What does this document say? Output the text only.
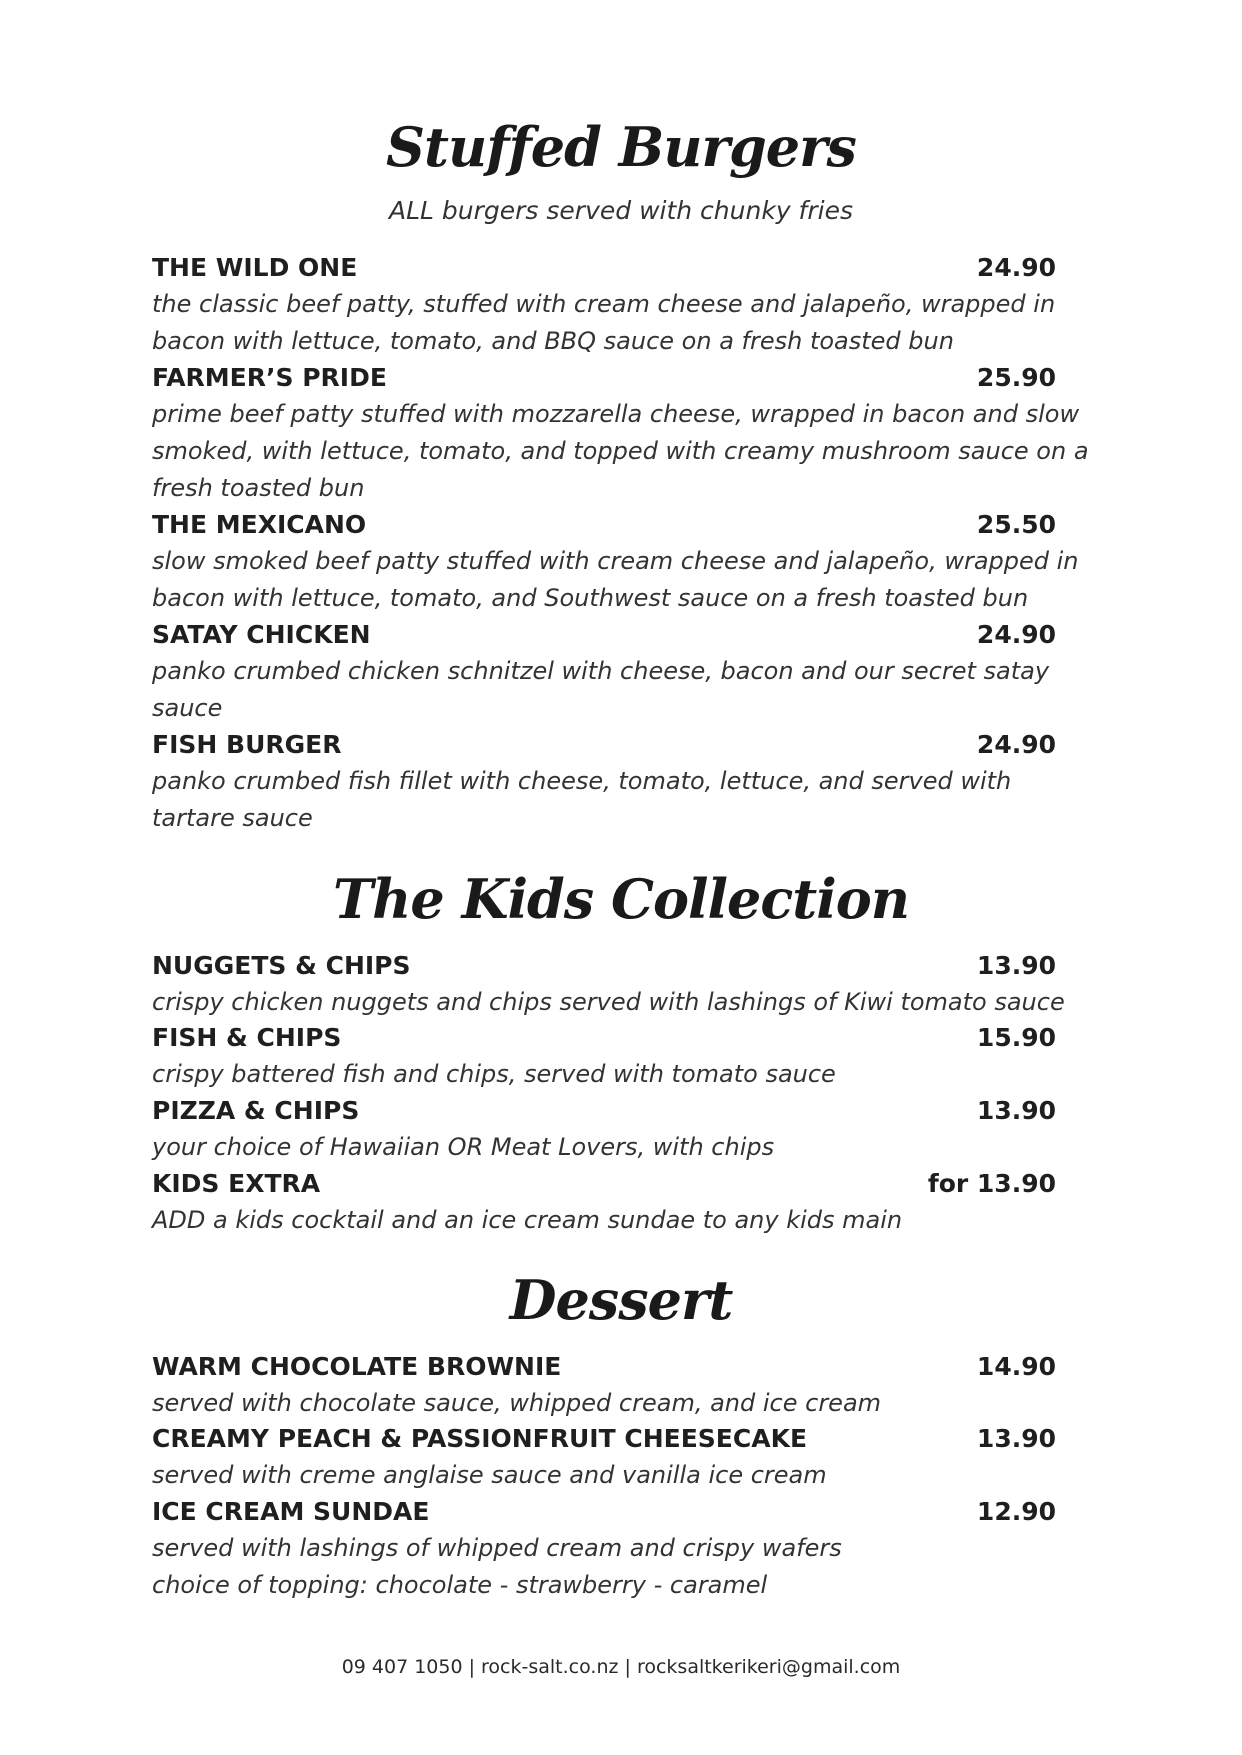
Stuffed Burgers
ALL burgers served with chunky fries
THE WILD ONE	24.90
the classic beef patty, stuffed with cream cheese and jalapeño, wrapped in bacon with lettuce, tomato, and BBQ sauce on a fresh toasted bun
FARMER’S PRIDE	25.90
prime beef patty stuffed with mozzarella cheese, wrapped in bacon and slow smoked, with lettuce, tomato, and topped with creamy mushroom sauce on a fresh toasted bun
THE MEXICANO	25.50
slow smoked beef patty stuffed with cream cheese and jalapeño, wrapped in bacon with lettuce, tomato, and Southwest sauce on a fresh toasted bun
SATAY CHICKEN	24.90
panko crumbed chicken schnitzel with cheese, bacon and our secret satay sauce
FISH BURGER	24.90
panko crumbed fish fillet with cheese, tomato, lettuce, and served with tartare sauce
The Kids Collection
NUGGETS & CHIPS	13.90
crispy chicken nuggets and chips served with lashings of Kiwi tomato sauce
FISH & CHIPS	15.90
crispy battered fish and chips, served with tomato sauce
PIZZA & CHIPS	13.90
your choice of Hawaiian OR Meat Lovers, with chips
KIDS EXTRA	for 13.90
ADD a kids cocktail and an ice cream sundae to any kids main
Dessert
WARM CHOCOLATE BROWNIE	14.90
served with chocolate sauce, whipped cream, and ice cream
CREAMY PEACH & PASSIONFRUIT CHEESECAKE	13.90
served with creme anglaise sauce and vanilla ice cream
ICE CREAM SUNDAE	12.90
served with lashings of whipped cream and crispy wafers
choice of topping: chocolate - strawberry - caramel
09 407 1050 | rock-salt.co.nz | rocksaltkerikeri@gmail.com
